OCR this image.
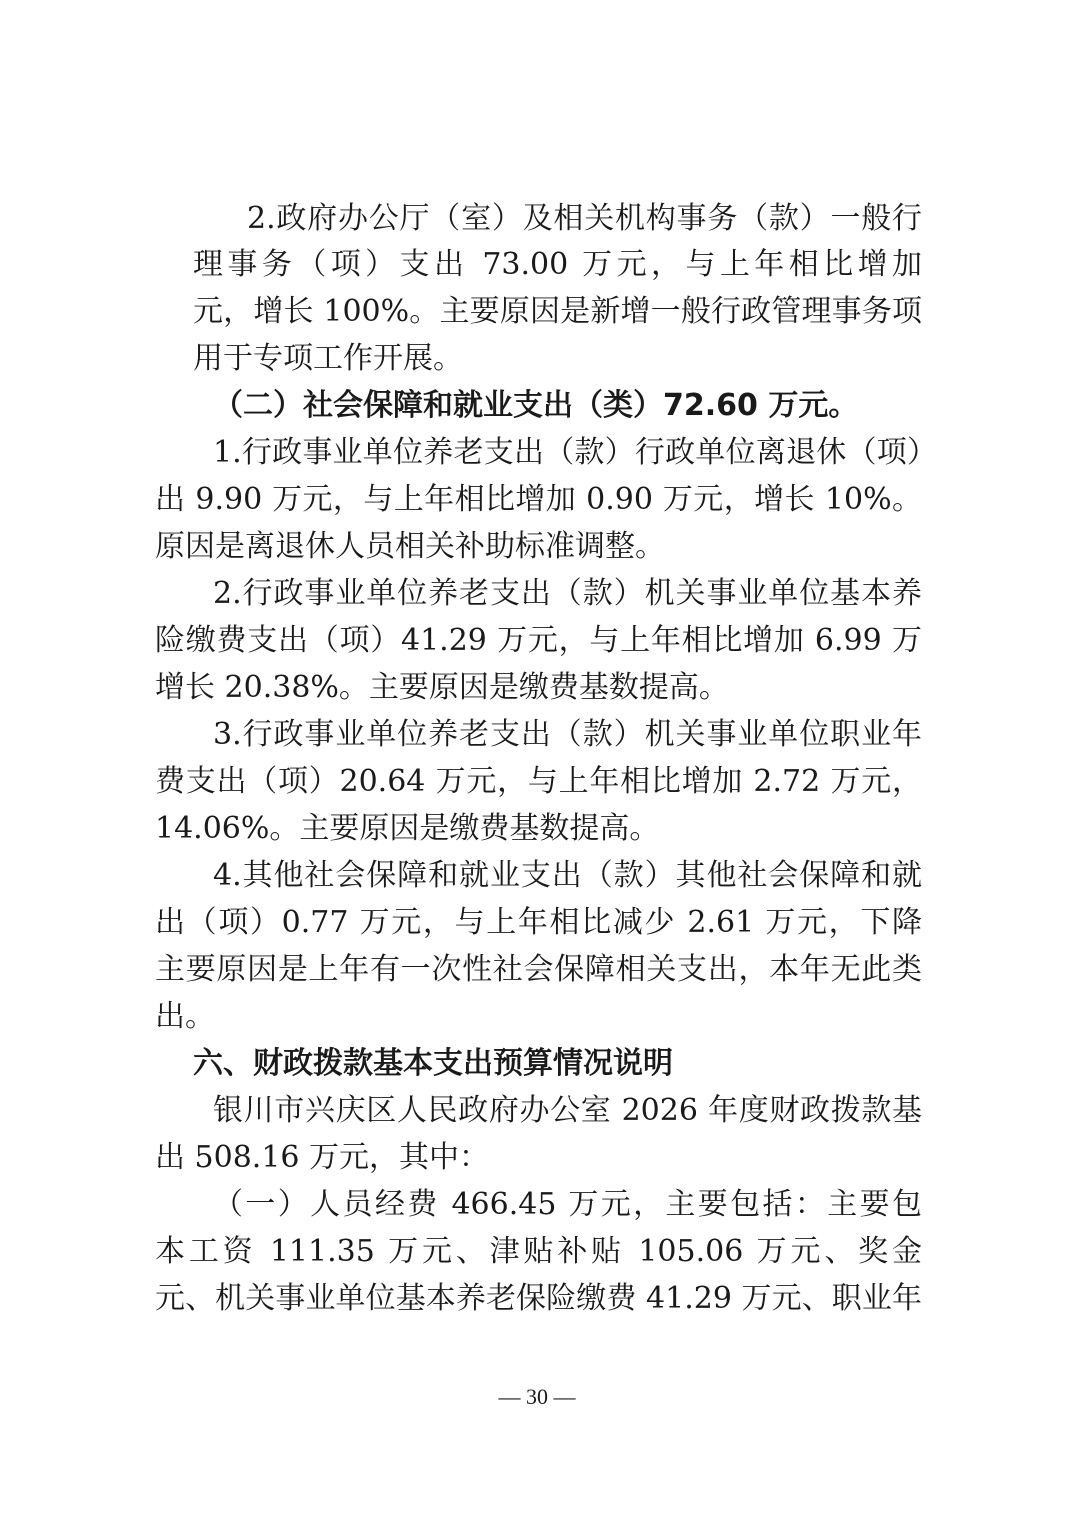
2.政府办公厅（室）及相关机构事务（款）一般行
理事务（项）支出 73.00 万元，与上年相比增加
元，增长 100%。主要原因是新增一般行政管理事务项
用于专项工作开展。
（二）社会保障和就业支出（类）72.60 万元。
1.行政事业单位养老支出（款）行政单位离退休（项）
出 9.90 万元，与上年相比增加 0.90 万元，增长 10%。
原因是离退休人员相关补助标准调整。
2.行政事业单位养老支出（款）机关事业单位基本养
险缴费支出（项）41.29 万元，与上年相比增加 6.99 万
增长 20.38%。主要原因是缴费基数提高。
3.行政事业单位养老支出（款）机关事业单位职业年
费支出（项）20.64 万元，与上年相比增加 2.72 万元，
14.06%。主要原因是缴费基数提高。
4.其他社会保障和就业支出（款）其他社会保障和就
出（项）0.77 万元，与上年相比减少 2.61 万元，下降
主要原因是上年有一次性社会保障相关支出，本年无此类
出。
六、财政拨款基本支出预算情况说明
银川市兴庆区人民政府办公室 2026 年度财政拨款基
出 508.16 万元，其中：
（一）人员经费 466.45 万元，主要包括：主要包
本工资 111.35 万元、津贴补贴 105.06 万元、奖金
元、机关事业单位基本养老保险缴费 41.29 万元、职业年
— 30 —
